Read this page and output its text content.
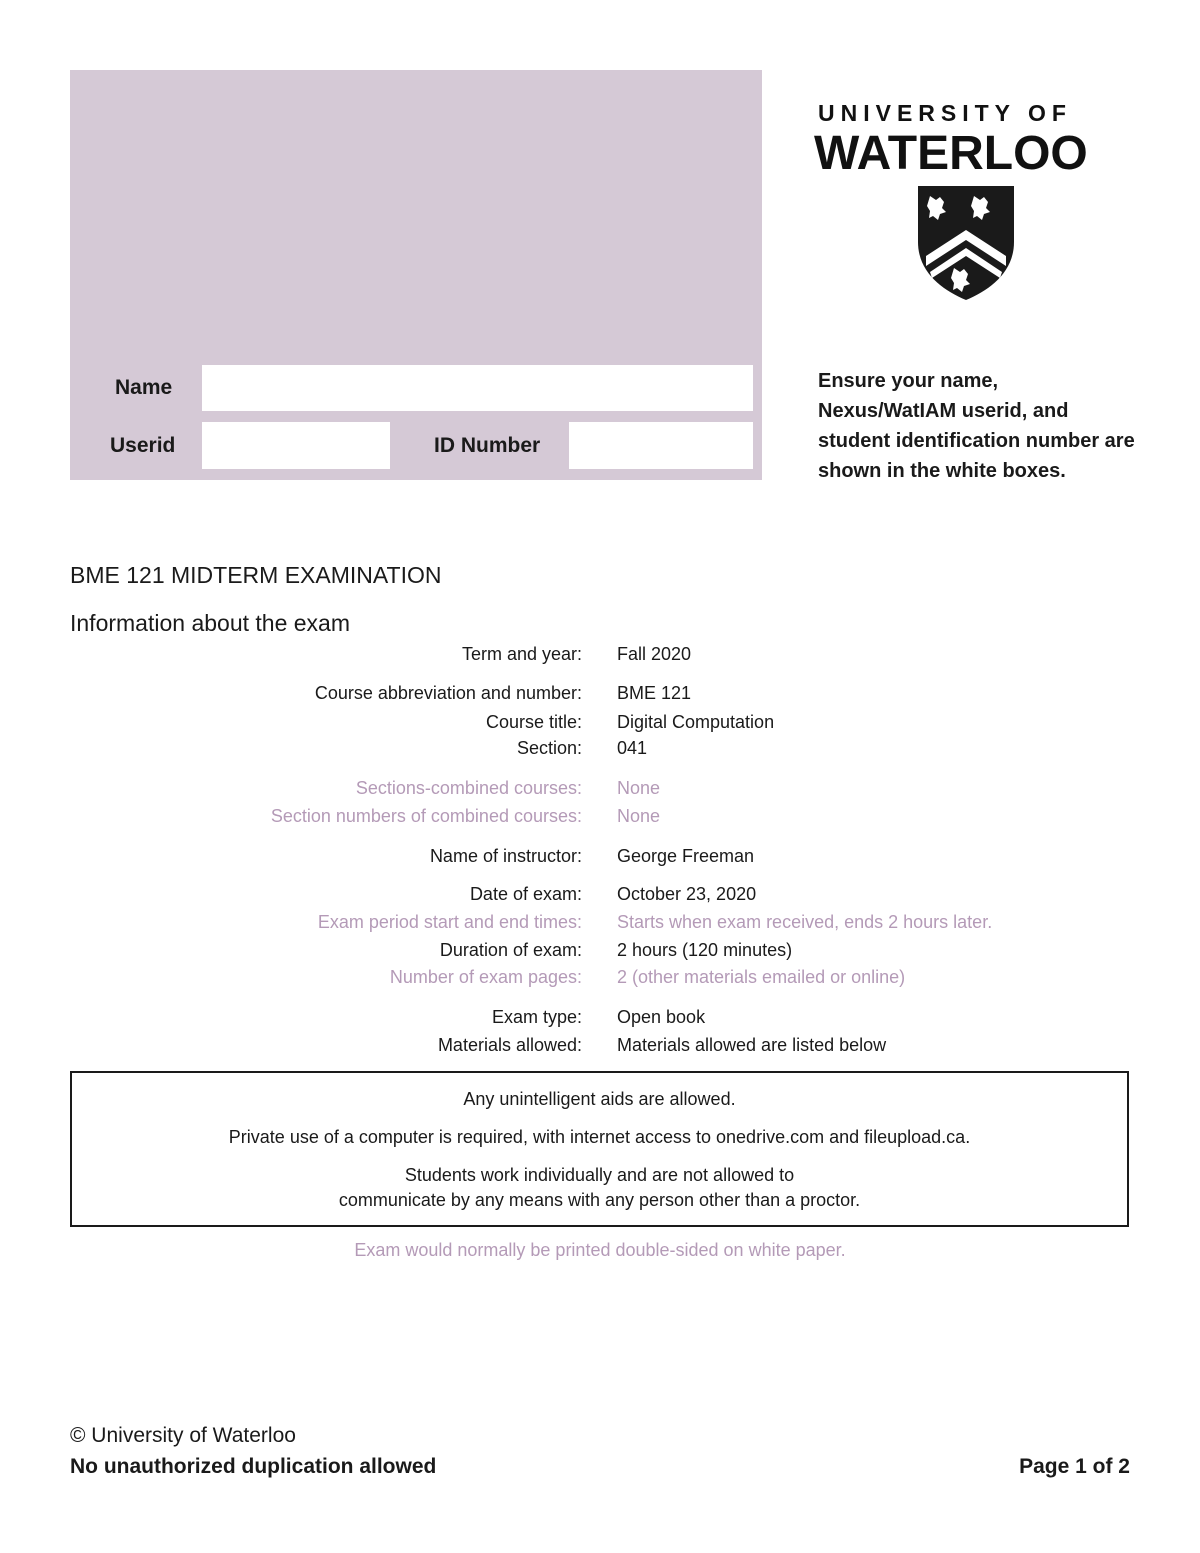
Name
Userid	ID Number
UNIVERSITY OF
WATERLOO
Ensure your name, Nexus/WatIAM userid, and student identification number are shown in the white boxes.
BME 121 MIDTERM EXAMINATION
Information about the exam
Term and year: Fall 2020
Course abbreviation and number: BME 121
Course title: Digital Computation
Section: 041
Sections-combined courses: None
Section numbers of combined courses: None
Name of instructor: George Freeman
Date of exam: October 23, 2020
Exam period start and end times: Starts when exam received, ends 2 hours later.
Duration of exam: 2 hours (120 minutes)
Number of exam pages: 2 (other materials emailed or online)
Exam type: Open book
Materials allowed: Materials allowed are listed below
Any unintelligent aids are allowed.
Private use of a computer is required, with internet access to onedrive.com and fileupload.ca.
Students work individually and are not allowed to
communicate by any means with any person other than a proctor.
Exam would normally be printed double-sided on white paper.
© University of Waterloo
No unauthorized duplication allowed	Page 1 of 2
